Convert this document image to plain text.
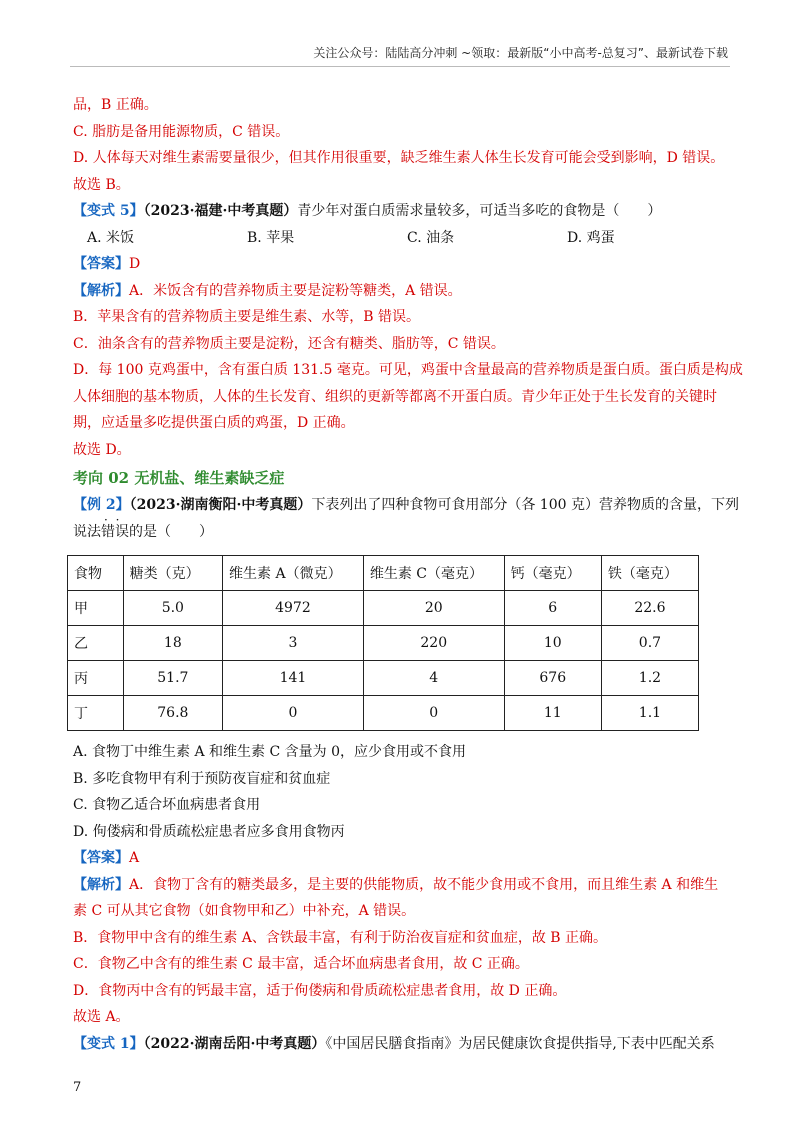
关注公众号：陆陆高分冲刺 ~领取：最新版“小中高考-总复习”、最新试卷下载
品，B 正确。
C. 脂肪是备用能源物质，C 错误。
D. 人体每天对维生素需要量很少，但其作用很重要，缺乏维生素人体生长发育可能会受到影响，D 错误。
故选 B。
【变式 5】（2023·福建·中考真题）青少年对蛋白质需求量较多，可适当多吃的食物是（　　）
A. 米饭	B. 苹果	C. 油条	D. 鸡蛋
【答案】D
【解析】A．米饭含有的营养物质主要是淀粉等糖类，A 错误。
B．苹果含有的营养物质主要是维生素、水等，B 错误。
C．油条含有的营养物质主要是淀粉，还含有糖类、脂肪等，C 错误。
D．每 100 克鸡蛋中，含有蛋白质 131.5 毫克。可见，鸡蛋中含量最高的营养物质是蛋白质。蛋白质是构成
人体细胞的基本物质，人体的生长发育、组织的更新等都离不开蛋白质。青少年正处于生长发育的关键时
期，应适量多吃提供蛋白质的鸡蛋，D 正确。
故选 D。
考向 02 无机盐、维生素缺乏症
【例 2】（2023·湖南衡阳·中考真题）下表列出了四种食物可食用部分（各 100 克）营养物质的含量，下列
说法· · 错误的是（　　）
食物	糖类（克）	维生素 A（微克）	维生素 C（毫克）	钙（毫克）	铁（毫克）
甲	5.0	4972	20	6	22.6
乙	18	3	220	10	0.7
丙	51.7	141	4	676	1.2
丁	76.8	0	0	11	1.1
A. 食物丁中维生素 A 和维生素 C 含量为 0，应少食用或不食用
B. 多吃食物甲有利于预防夜盲症和贫血症
C. 食物乙适合坏血病患者食用
D. 佝偻病和骨质疏松症患者应多食用食物丙
【答案】A
【解析】A．食物丁含有的糖类最多，是主要的供能物质，故不能少食用或不食用，而且维生素 A 和维生
素 C 可从其它食物（如食物甲和乙）中补充，A 错误。
B．食物甲中含有的维生素 A、含铁最丰富，有利于防治夜盲症和贫血症，故 B 正确。
C．食物乙中含有的维生素 C 最丰富，适合坏血病患者食用，故 C 正确。
D．食物丙中含有的钙最丰富，适于佝偻病和骨质疏松症患者食用，故 D 正确。
故选 A。
【变式 1】（2022·湖南岳阳·中考真题）《中国居民膳食指南》为居民健康饮食提供指导,下表中匹配关系
7
